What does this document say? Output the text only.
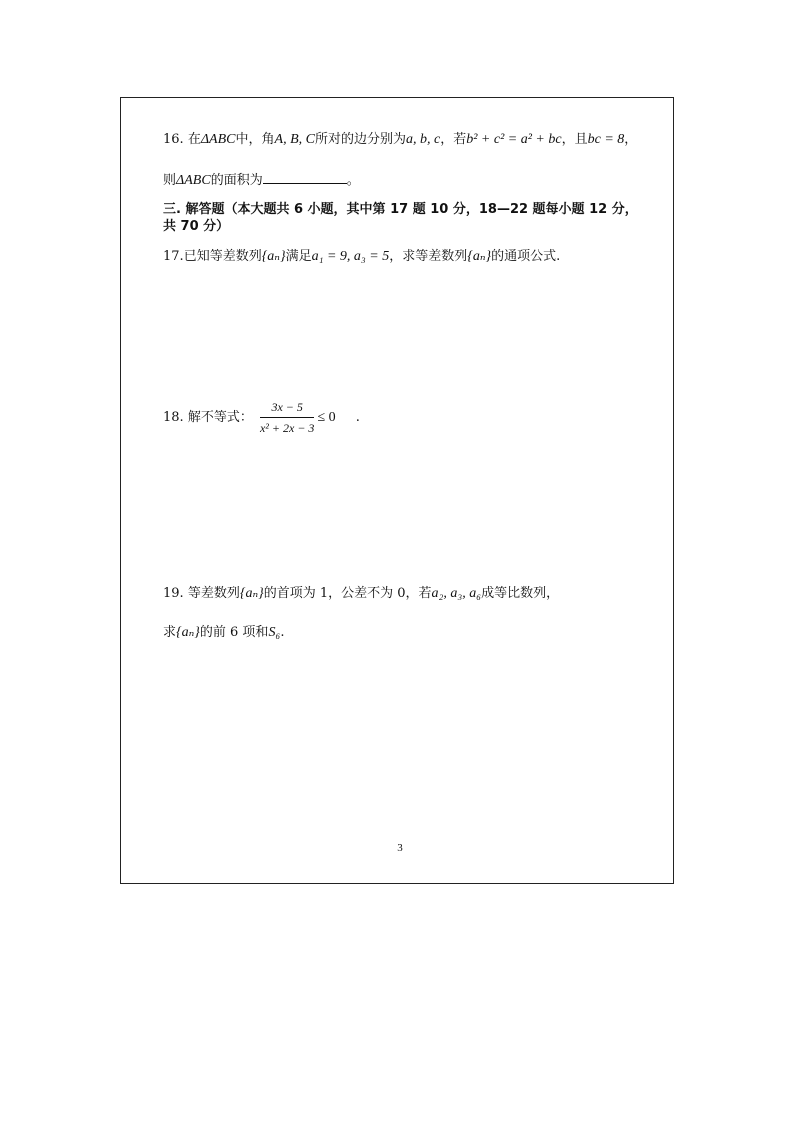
16. 在ΔABC中，角A, B, C所对的边分别为a, b, c，若b² + c² = a² + bc，且bc = 8，
则ΔABC的面积为	。
三. 解答题（本大题共 6 小题，其中第 17 题 10 分，18—22 题每小题 12 分，
共 70 分）
17.已知等差数列{aₙ}满足a₁ = 9, a₃ = 5，求等差数列{aₙ}的通项公式.
18. 解不等式： $\frac{3x - 5}{\text{x² + 2x − 3}} \le 0$ .
19. 等差数列{aₙ}的首项为 1，公差不为 0，若a₂, a₃, a₆成等比数列，
求{aₙ}的前 6 项和S₆.
3
